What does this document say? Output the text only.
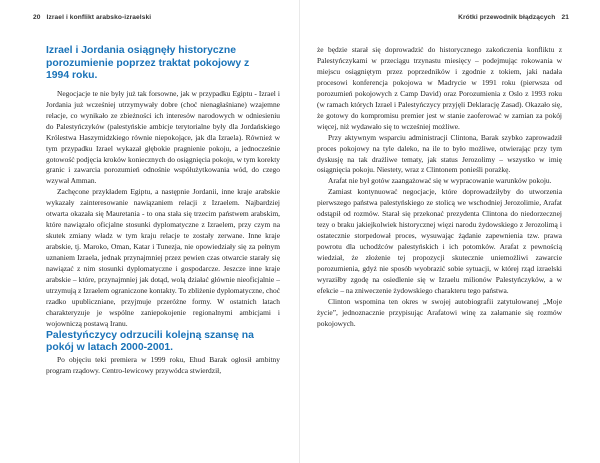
20 Izrael i konflikt arabsko-izraelski
Izrael i Jordania osiągnęły historyczne porozumienie poprzez traktat pokojowy z 1994 roku.

Negocjacje te nie były już tak forsowne, jak w przypadku Egiptu - Izrael i Jordania już wcześniej utrzymywały dobre (choć nienagłaśniane) wzajemne relacje, co wynikało ze zbieżności ich interesów narodowych w odniesieniu do Palestyńczyków (palestyńskie ambicje terytorialne były dla Jordańskiego Królestwa Haszymidzkiego równie niepokojące, jak dla Izraela). Również w tym przypadku Izrael wykazał głębokie pragnienie pokoju, a jednocześnie gotowość podjęcia kroków koniecznych do osiągnięcia pokoju, w tym korekty granic i zawarcia porozumień odnośnie współużytkowania wód, do czego wzywał Amman.

Zachęcone przykładem Egiptu, a następnie Jordanii, inne kraje arabskie wykazały zainteresowanie nawiązaniem relacji z Izraelem. Najbardziej otwarta okazała się Mauretania - to ona stała się trzecim państwem arabskim, które nawiązało oficjalne stosunki dyplomatyczne z Izraelem, przy czym na skutek zmiany władz w tym kraju relacje te zostały zerwane. Inne kraje arabskie, tj. Maroko, Oman, Katar i Tunezja, nie opowiedziały się za pełnym uznaniem Izraela, jednak przynajmniej przez pewien czas otwarcie starały się nawiązać z nim stosunki dyplomatyczne i gospodarcze. Jeszcze inne kraje arabskie – które, przynajmniej jak dotąd, wolą działać głównie nieoficjalnie – utrzymują z Izraelem ograniczone kontakty. To zbliżenie dyplomatyczne, choć rzadko upubliczniane, przyjmuje przeróżne formy. W ostatnich latach charakteryzuje je wspólne zaniepokojenie regionalnymi ambicjami i wojowniczą postawą Iranu.

Palestyńczycy odrzucili kolejną szansę na pokój w latach 2000-2001.

Po objęciu teki premiera w 1999 roku, Ehud Barak ogłosił ambitny program rządowy. Centro-lewicowy przywódca stwierdził,

Krótki przewodnik błądzących 21

że będzie starał się doprowadzić do historycznego zakończenia konfliktu z Palestyńczykami w przeciągu trzynastu miesięcy – podejmując rokowania w miejscu osiągniętym przez poprzedników i zgodnie z tokiem, jaki nadała procesowi konferencja pokojowa w Madrycie w 1991 roku (pierwsza od porozumień pokojowych z Camp David) oraz Porozumienia z Oslo z 1993 roku (w ramach których Izrael i Palestyńczycy przyjęli Deklarację Zasad). Okazało się, że gotowy do kompromisu premier jest w stanie zaoferować w zamian za pokój więcej, niż wydawało się to wcześniej możliwe.

Przy aktywnym wsparciu administracji Clintona, Barak szybko zaprowadził proces pokojowy na tyle daleko, na ile to było możliwe, otwierając przy tym dyskusję na tak drażliwe tematy, jak status Jerozolimy – wszystko w imię osiągnięcia pokoju. Niestety, wraz z Clintonem ponieśli porażkę.

Arafat nie był gotów zaangażować się w wypracowanie warunków pokoju.

Zamiast kontynuować negocjacje, które doprowadziłyby do utworzenia pierwszego państwa palestyńskiego ze stolicą we wschodniej Jerozolimie, Arafat odstąpił od rozmów. Starał się przekonać prezydenta Clintona do niedorzecznej tezy o braku jakiejkolwiek historycznej więzi narodu żydowskiego z Jerozolimą i ostatecznie storpedował proces, wysuwając żądanie zapewnienia tzw. prawa powrotu dla uchodźców palestyńskich i ich potomków. Arafat z pewnością wiedział, że złożenie tej propozycji skutecznie uniemożliwi zawarcie porozumienia, gdyż nie sposób wyobrazić sobie sytuacji, w której rząd izraelski wyraziłby zgodę na osiedlenie się w Izraelu milionów Palestyńczyków, a w efekcie – na zniweczenie żydowskiego charakteru tego państwa.

Clinton wspomina ten okres w swojej autobiografii zatytułowanej „Moje życie”, jednoznacznie przypisując Arafatowi winę za załamanie się rozmów pokojowych.
